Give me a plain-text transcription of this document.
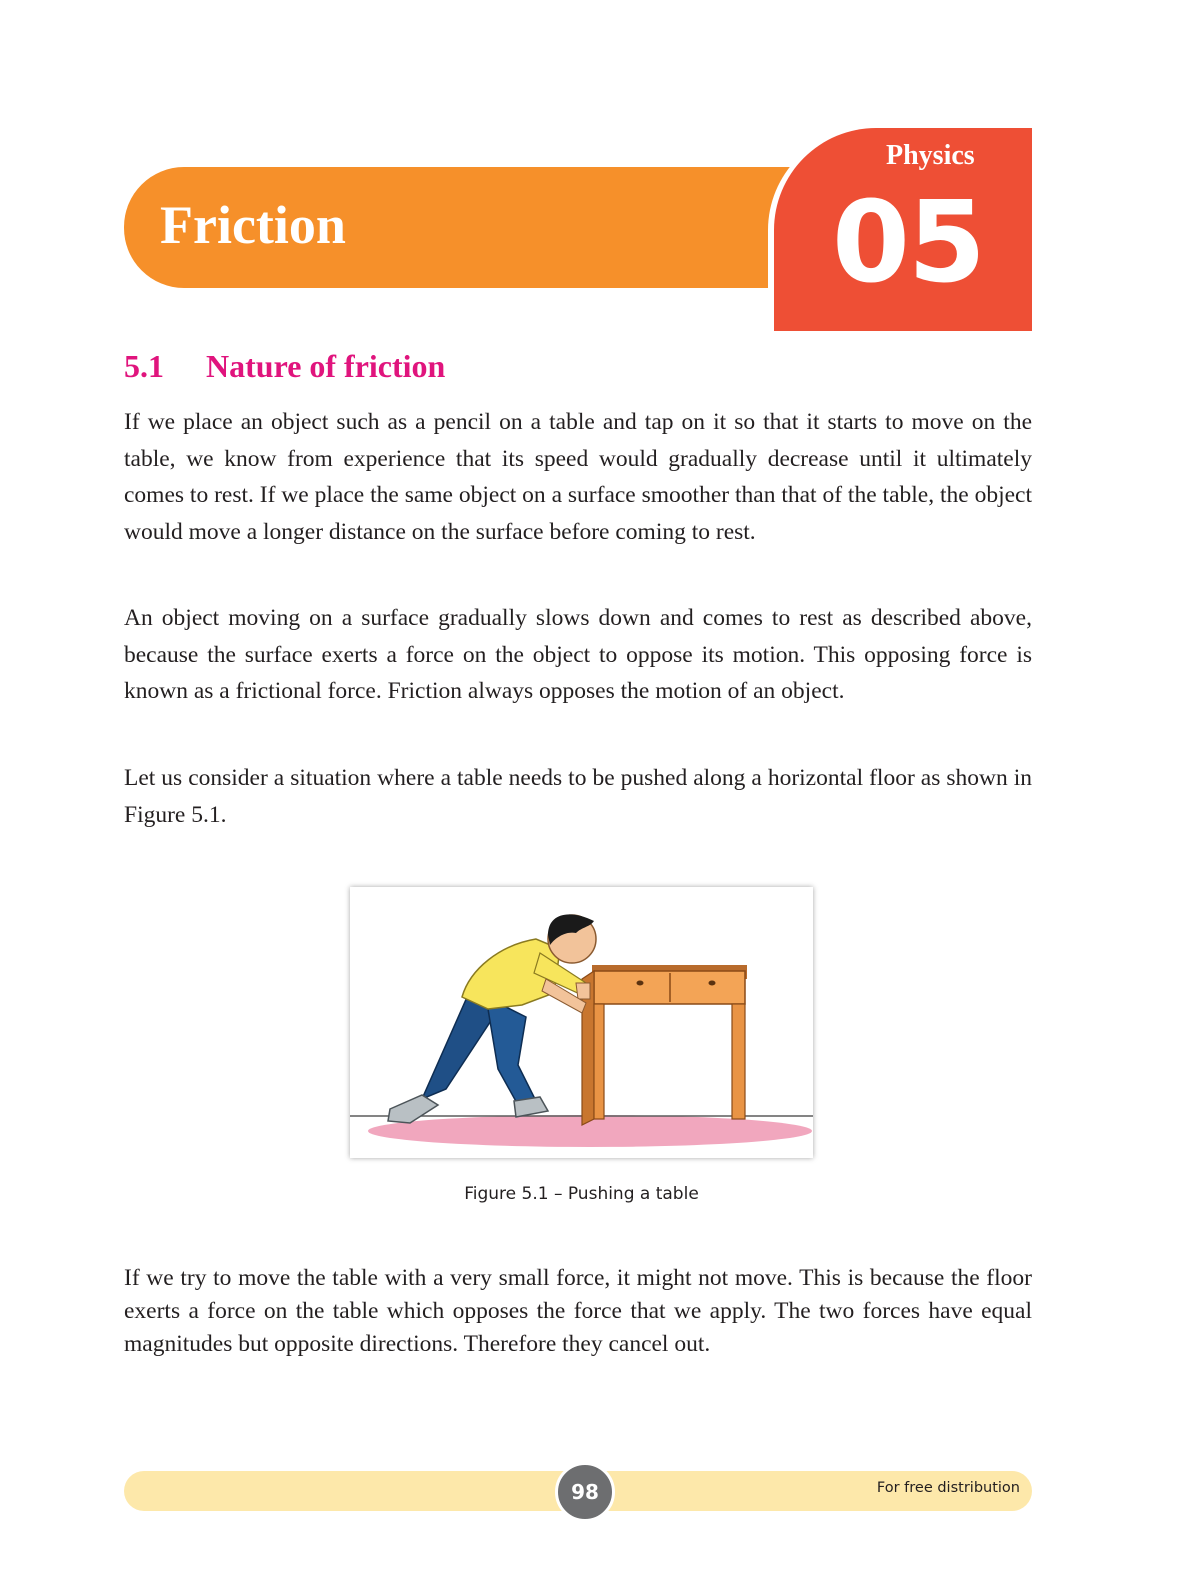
Friction
Physics
05
5.1 Nature of friction

If we place an object such as a pencil on a table and tap on it so that it starts to move on the table, we know from experience that its speed would gradually decrease until it ultimately comes to rest. If we place the same object on a surface smoother than that of the table, the object would move a longer distance on the surface before coming to rest.

An object moving on a surface gradually slows down and comes to rest as described above, because the surface exerts a force on the object to oppose its motion. This opposing force is known as a frictional force. Friction always opposes the motion of an object.

Let us consider a situation where a table needs to be pushed along a horizontal floor as shown in Figure 5.1.

Figure 5.1 – Pushing a table

If we try to move the table with a very small force, it might not move. This is because the floor exerts a force on the table which opposes the force that we apply. The two forces have equal magnitudes but opposite directions. Therefore they cancel out.

98	For free distribution
